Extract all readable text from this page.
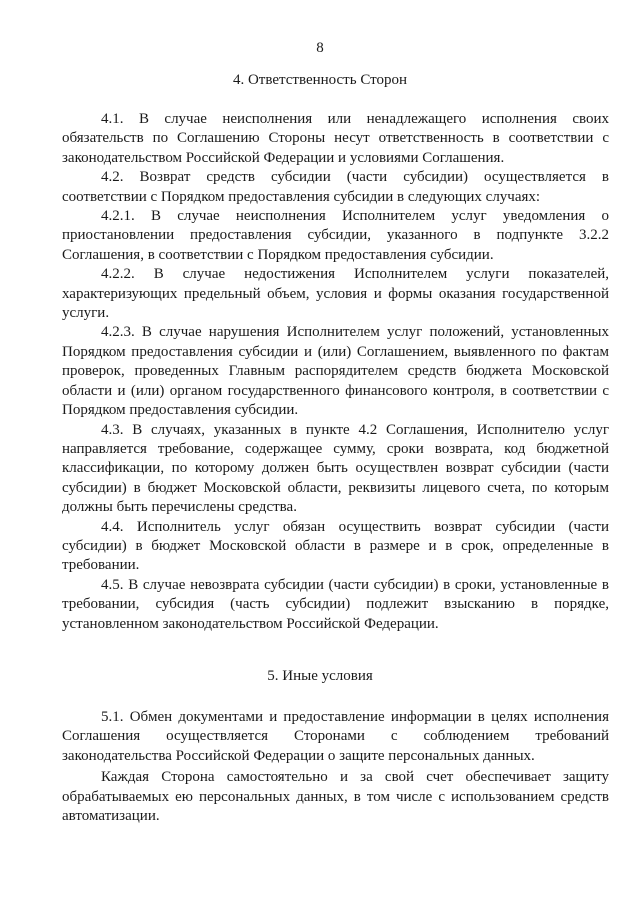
8
4. Ответственность Сторон

4.1. В случае неисполнения или ненадлежащего исполнения своих обязательств по Соглашению Стороны несут ответственность в соответствии с законодательством Российской Федерации и условиями Соглашения.

4.2. Возврат средств субсидии (части субсидии) осуществляется в соответствии с Порядком предоставления субсидии в следующих случаях:

4.2.1. В случае неисполнения Исполнителем услуг уведомления о приостановлении предоставления субсидии, указанного в подпункте 3.2.2 Соглашения, в соответствии с Порядком предоставления субсидии.

4.2.2. В случае недостижения Исполнителем услуги показателей, характеризующих предельный объем, условия и формы оказания государственной услуги.

4.2.3. В случае нарушения Исполнителем услуг положений, установленных Порядком предоставления субсидии и (или) Соглашением, выявленного по фактам проверок, проведенных Главным распорядителем средств бюджета Московской области и (или) органом государственного финансового контроля, в соответствии с Порядком предоставления субсидии.

4.3. В случаях, указанных в пункте 4.2 Соглашения, Исполнителю услуг направляется требование, содержащее сумму, сроки возврата, код бюджетной классификации, по которому должен быть осуществлен возврат субсидии (части субсидии) в бюджет Московской области, реквизиты лицевого счета, по которым должны быть перечислены средства.

4.4. Исполнитель услуг обязан осуществить возврат субсидии (части субсидии) в бюджет Московской области в размере и в срок, определенные в требовании.

4.5. В случае невозврата субсидии (части субсидии) в сроки, установленные в требовании, субсидия (часть субсидии) подлежит взысканию в порядке, установленном законодательством Российской Федерации.

5. Иные условия

5.1. Обмен документами и предоставление информации в целях исполнения Соглашения осуществляется Сторонами с соблюдением требований законодательства Российской Федерации о защите персональных данных.

Каждая Сторона самостоятельно и за свой счет обеспечивает защиту обрабатываемых ею персональных данных, в том числе с использованием средств автоматизации.
